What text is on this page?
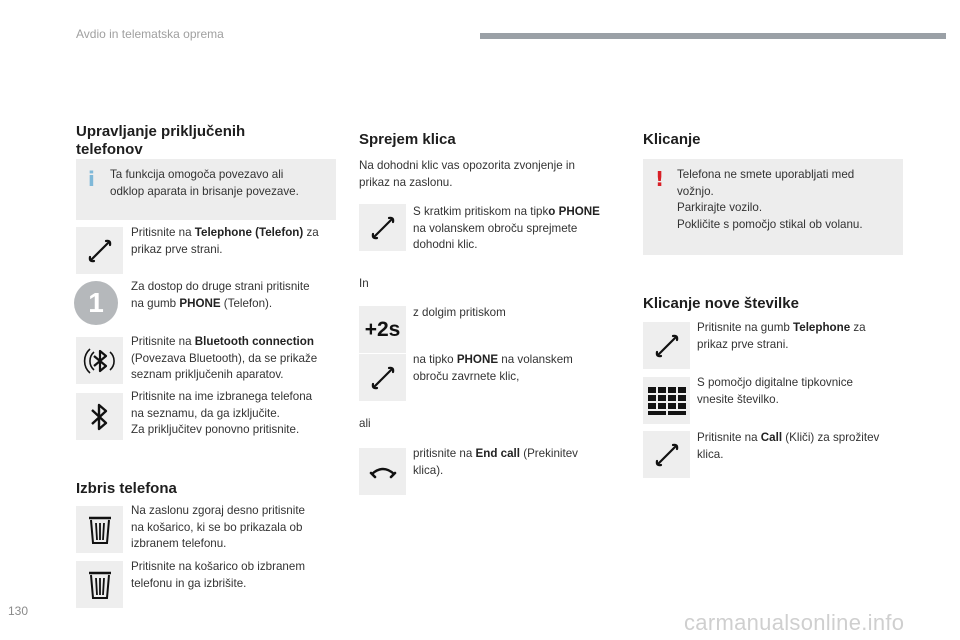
Avdio in telematska oprema
1
Upravljanje priključenih
telefonov
i Ta funkcija omogoča povezavo ali
odklop aparata in brisanje povezave.
Pritisnite na Telephone (Telefon) za
prikaz prve strani.
Za dostop do druge strani pritisnite
na gumb PHONE (Telefon).
Pritisnite na Bluetooth connection
(Povezava Bluetooth), da se prikaže
seznam priključenih aparatov.
Pritisnite na ime izbranega telefona
na seznamu, da ga izključite.
Za priključitev ponovno pritisnite.
Izbris telefona
Na zaslonu zgoraj desno pritisnite
na košarico, ki se bo prikazala ob
izbranem telefonu.
Pritisnite na košarico ob izbranem
telefonu in ga izbrišite.
Sprejem klica
Na dohodni klic vas opozorita zvonjenje in
prikaz na zaslonu.
S kratkim pritiskom na tipko PHONE
na volanskem obroču sprejmete
dohodni klic.
In
+2s
z dolgim pritiskom
na tipko PHONE na volanskem
obroču zavrnete klic,
ali
pritisnite na End call (Prekinitev
klica).
Klicanje
! Telefona ne smete uporabljati med
vožnjo.
Parkirajte vozilo.
Pokličite s pomočjo stikal ob volanu.
Klicanje nove številke
Pritisnite na gumb Telephone za
prikaz prve strani.
S pomočjo digitalne tipkovnice
vnesite številko.
Pritisnite na Call (Kliči) za sprožitev
klica.
130	carmanualsonline.info
